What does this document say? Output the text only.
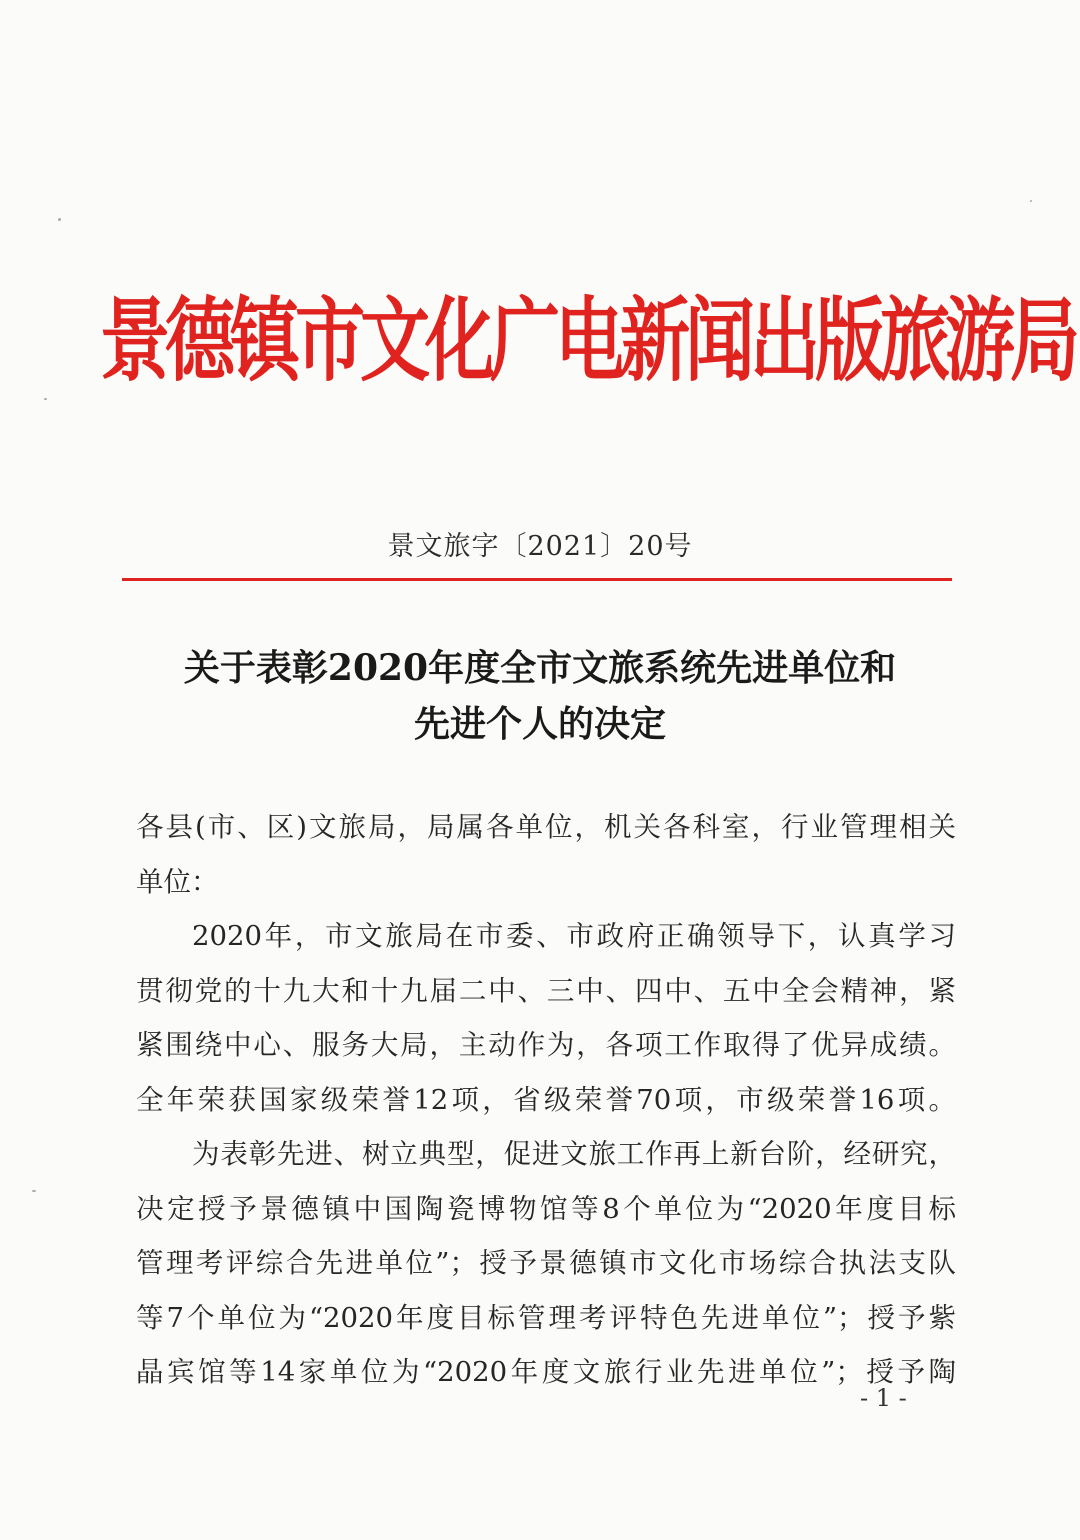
景德镇市文化广电新闻出版旅游局
景文旅字〔2021〕20号
关于表彰2020年度全市文旅系统先进单位和
先进个人的决定
各县(市、区)文旅局，局属各单位，机关各科室，行业管理相关
单位：
2020年，市文旅局在市委、市政府正确领导下，认真学习
贯彻党的十九大和十九届二中、三中、四中、五中全会精神，紧
紧围绕中心、服务大局，主动作为，各项工作取得了优异成绩。
全年荣获国家级荣誉12项，省级荣誉70项，市级荣誉16项。
为表彰先进、树立典型，促进文旅工作再上新台阶，经研究，
决定授予景德镇中国陶瓷博物馆等8个单位为“2020年度目标
管理考评综合先进单位”；授予景德镇市文化市场综合执法支队
等7个单位为“2020年度目标管理考评特色先进单位”；授予紫
晶宾馆等14家单位为“2020年度文旅行业先进单位”；授予陶
- 1 -
